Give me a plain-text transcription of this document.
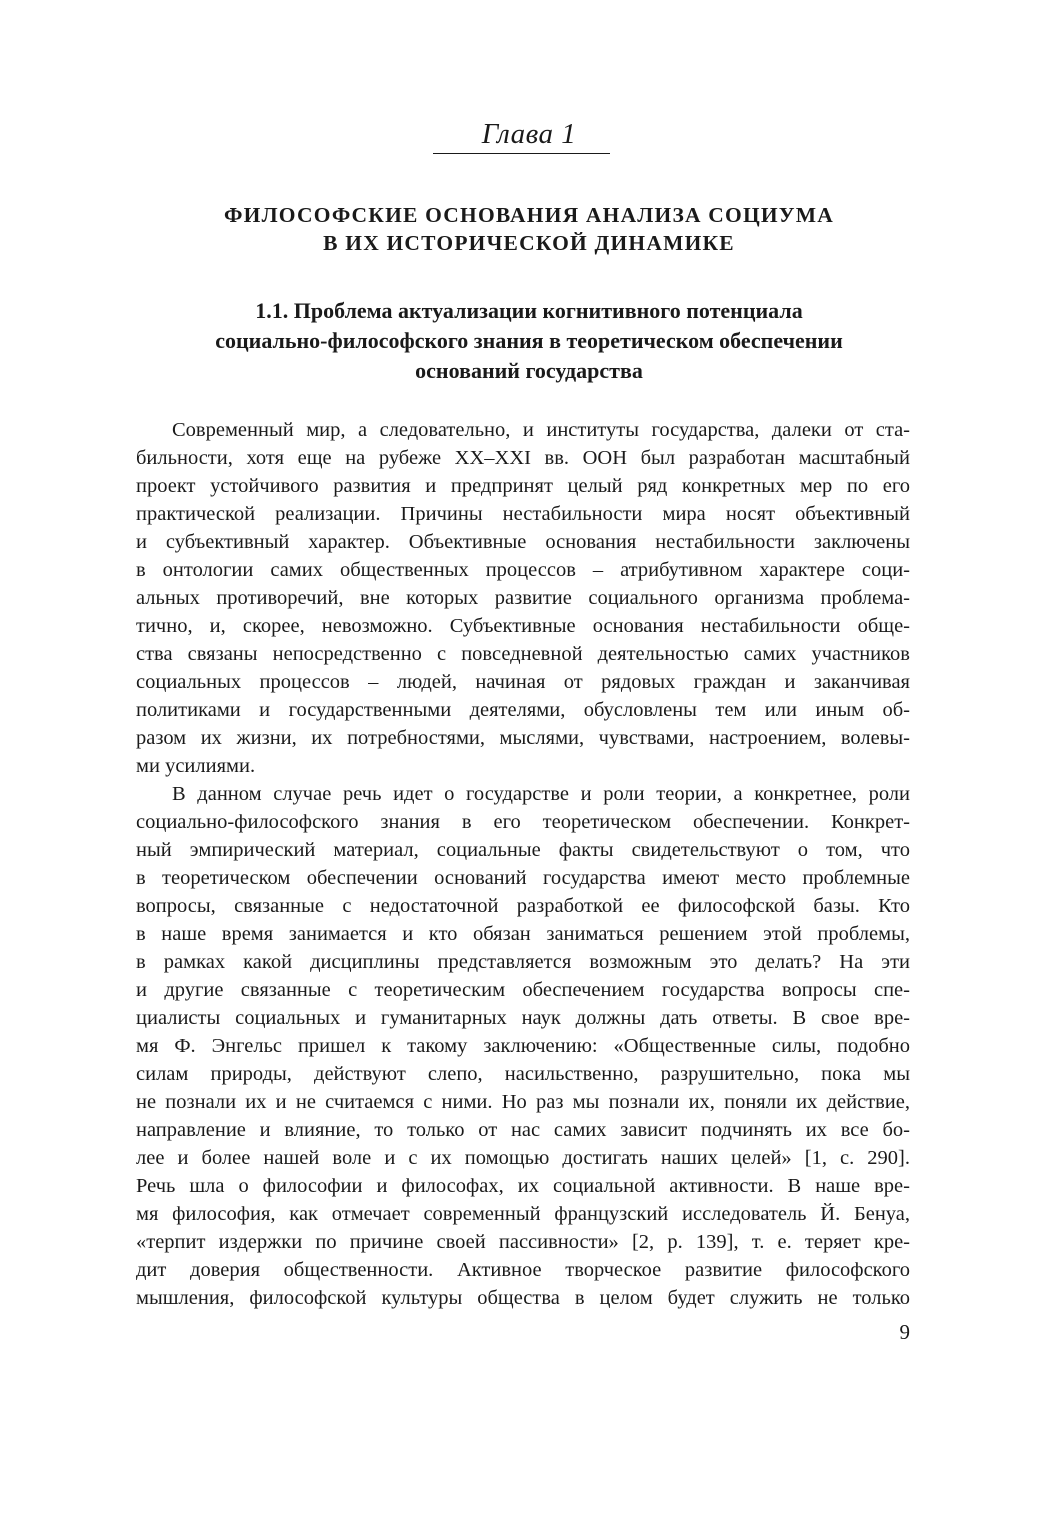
Глава 1
ФИЛОСОФСКИЕ ОСНОВАНИЯ АНАЛИЗА СОЦИУМА
В ИХ ИСТОРИЧЕСКОЙ ДИНАМИКЕ
1.1. Проблема актуализации когнитивного потенциала
социально-философского знания в теоретическом обеспечении
оснований государства
Современный мир, а следовательно, и институты государства, далеки от ста-
бильности, хотя еще на рубеже XX–XXI вв. ООН был разработан масштабный
проект устойчивого развития и предпринят целый ряд конкретных мер по его
практической реализации. Причины нестабильности мира носят объективный
и субъективный характер. Объективные основания нестабильности заключены
в онтологии самих общественных процессов – атрибутивном характере соци-
альных противоречий, вне которых развитие социального организма проблема-
тично, и, скорее, невозможно. Субъективные основания нестабильности обще-
ства связаны непосредственно с повседневной деятельностью самих участников
социальных процессов – людей, начиная от рядовых граждан и заканчивая
политиками и государственными деятелями, обусловлены тем или иным об-
разом их жизни, их потребностями, мыслями, чувствами, настроением, волевы-
ми усилиями.
В данном случае речь идет о государстве и роли теории, а конкретнее, роли
социально-философского знания в его теоретическом обеспечении. Конкрет-
ный эмпирический материал, социальные факты свидетельствуют о том, что
в теоретическом обеспечении оснований государства имеют место проблемные
вопросы, связанные с недостаточной разработкой ее философской базы. Кто
в наше время занимается и кто обязан заниматься решением этой проблемы,
в рамках какой дисциплины представляется возможным это делать? На эти
и другие связанные с теоретическим обеспечением государства вопросы спе-
циалисты социальных и гуманитарных наук должны дать ответы. В свое вре-
мя Ф. Энгельс пришел к такому заключению: «Общественные силы, подобно
силам природы, действуют слепо, насильственно, разрушительно, пока мы
не познали их и не считаемся с ними. Но раз мы познали их, поняли их действие,
направление и влияние, то только от нас самих зависит подчинять их все бо-
лее и более нашей воле и с их помощью достигать наших целей» [1, с. 290].
Речь шла о философии и философах, их социальной активности. В наше вре-
мя философия, как отмечает современный французский исследователь Й. Бенуа,
«терпит издержки по причине своей пассивности» [2, p. 139], т. е. теряет кре-
дит доверия общественности. Активное творческое развитие философского
мышления, философской культуры общества в целом будет служить не только
9
